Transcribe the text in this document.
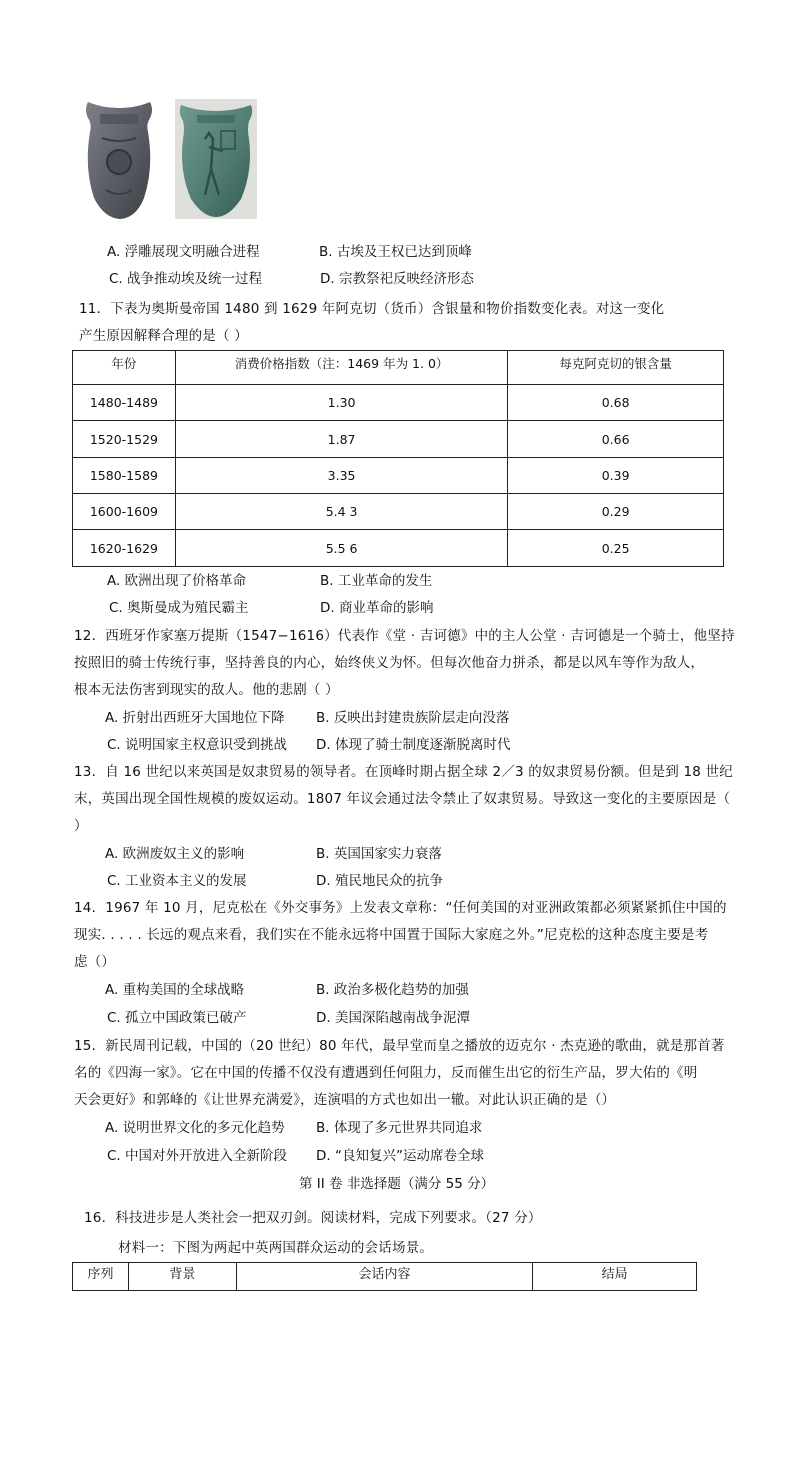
A. 浮雕展现文明融合进程	B. 古埃及王权已达到顶峰
C. 战争推动埃及统一过程	D. 宗教祭祀反映经济形态
11．下表为奥斯曼帝国 1480 到 1629 年阿克切（货币）含银量和物价指数变化表。对这一变化
产生原因解释合理的是（ ）
年份	消费价格指数（注：1469 年为 1. 0）	每克阿克切的银含量
1480-1489	1.30	0.68
1520-1529	1.87	0.66
1580-1589	3.35	0.39
1600-1609	5.4 3	0.29
1620-1629	5.5 6	0.25
A. 欧洲出现了价格革命	B. 工业革命的发生
C. 奥斯曼成为殖民霸主	D. 商业革命的影响
12．西班牙作家塞万提斯（1547−1616）代表作《堂 · 吉诃德》中的主人公堂 · 吉诃德是一个骑士，他坚持
按照旧的骑士传统行事，坚持善良的内心，始终侠义为怀。但每次他奋力拼杀，都是以风车等作为敌人，
根本无法伤害到现实的敌人。他的悲剧（ ）
A. 折射出西班牙大国地位下降 B. 反映出封建贵族阶层走向没落
C. 说明国家主权意识受到挑战 D. 体现了骑士制度逐渐脱离时代
13．自 16 世纪以来英国是奴隶贸易的领导者。在顶峰时期占据全球 2／3 的奴隶贸易份额。但是到 18 世纪
末，英国出现全国性规模的废奴运动。1807 年议会通过法令禁止了奴隶贸易。导致这一变化的主要原因是（
）
A. 欧洲废奴主义的影响	B. 英国国家实力衰落
C. 工业资本主义的发展	D. 殖民地民众的抗争
14．1967 年 10 月，尼克松在《外交事务》上发表文章称：“任何美国的对亚洲政策都必须紧紧抓住中国的
现实. . . . . 长远的观点来看，我们实在不能永远将中国置于国际大家庭之外。”尼克松的这种态度主要是考
虑（）
A. 重构美国的全球战略	B. 政治多极化趋势的加强
C. 孤立中国政策已破产	D. 美国深陷越南战争泥潭
15．新民周刊记载，中国的（20 世纪）80 年代，最早堂而皇之播放的迈克尔 · 杰克逊的歌曲，就是那首著
名的《四海一家》。它在中国的传播不仅没有遭遇到任何阻力，反而催生出它的衍生产品，罗大佑的《明
天会更好》和郭峰的《让世界充满爱》，连演唱的方式也如出一辙。对此认识正确的是（）
A. 说明世界文化的多元化趋势 B. 体现了多元世界共同追求
C. 中国对外开放进入全新阶段 D. “良知复兴”运动席卷全球
第 II 卷 非选择题（满分 55 分）
16．科技进步是人类社会一把双刃剑。阅读材料，完成下列要求。（27 分）
材料一：下图为两起中英两国群众运动的会话场景。
序列	背景	会话内容	结局
